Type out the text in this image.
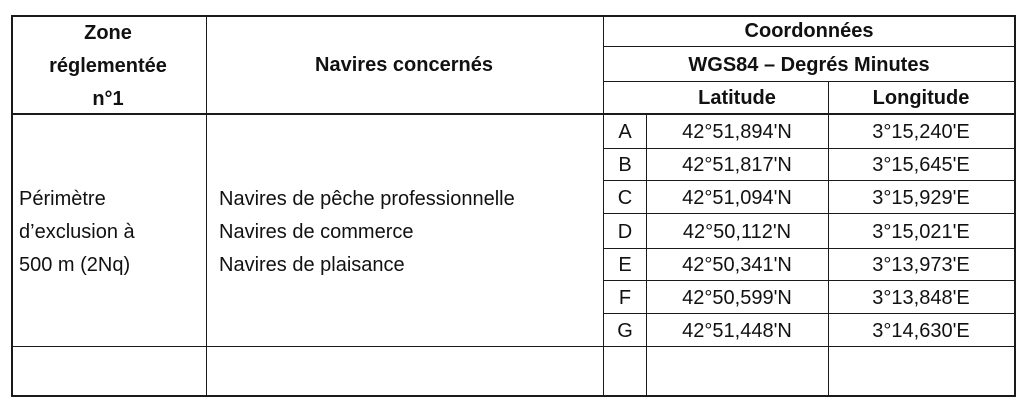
Zone
réglementée
n°1
Navires concernés
Coordonnées
WGS84 – Degrés Minutes
Latitude	Longitude
Périmètre
d’exclusion à
500 m (2Nq)
Navires de pêche professionnelle
Navires de commerce
Navires de plaisance
A	42°51,894'N	3°15,240'E
B	42°51,817'N	3°15,645'E
C 42°51,094'N	3°15,929'E
D	42°50,112'N	3°15,021'E
E	42°50,341'N	3°13,973'E
F	42°50,599'N	3°13,848'E
G 42°51,448'N	3°14,630'E
